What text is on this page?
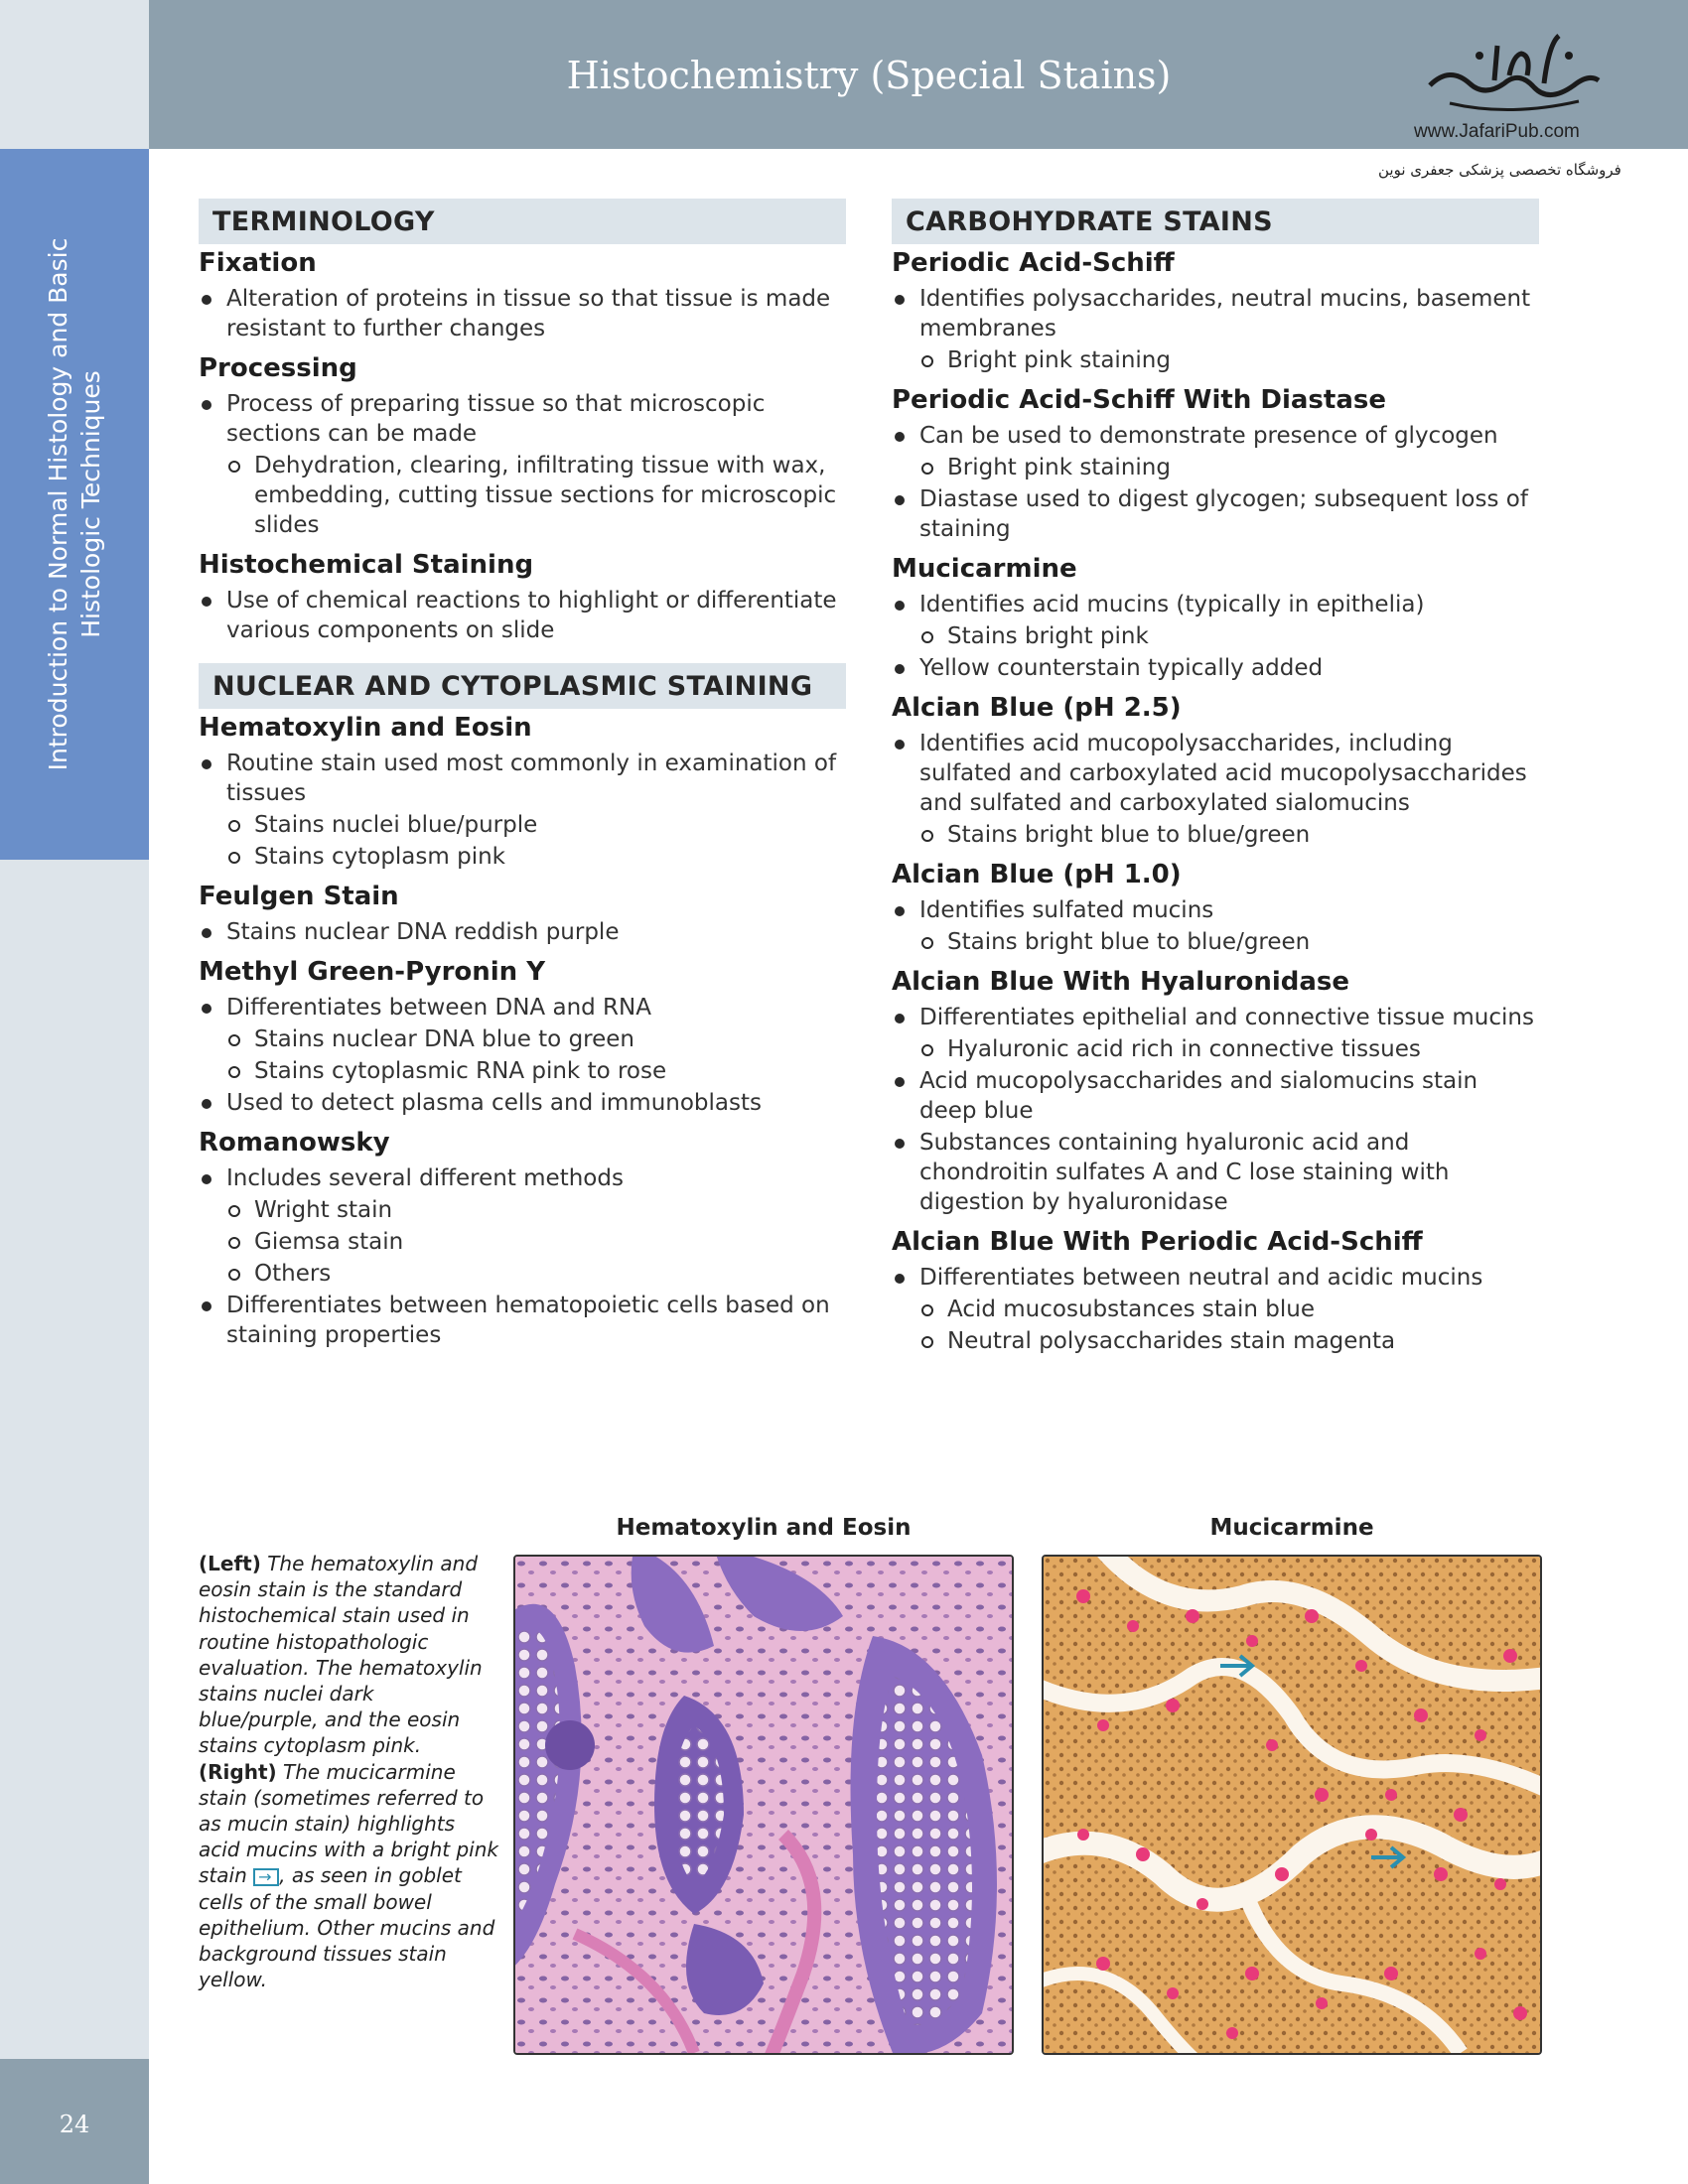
Histochemistry (Special Stains)
www.JafariPub.com
فروشگاه تخصصی پزشکی جعفری نوین
Introduction to Normal Histology and Basic Histologic Techniques
24
TERMINOLOGY
Fixation
Alteration of proteins in tissue so that tissue is made resistant to further changes
Processing
Process of preparing tissue so that microscopic sections can be made
Dehydration, clearing, infiltrating tissue with wax, embedding, cutting tissue sections for microscopic slides
Histochemical Staining
Use of chemical reactions to highlight or differentiate various components on slide
NUCLEAR AND CYTOPLASMIC STAINING
Hematoxylin and Eosin
Routine stain used most commonly in examination of tissues
Stains nuclei blue/purple
Stains cytoplasm pink
Feulgen Stain
Stains nuclear DNA reddish purple
Methyl Green-Pyronin Y
Differentiates between DNA and RNA
Stains nuclear DNA blue to green
Stains cytoplasmic RNA pink to rose
Used to detect plasma cells and immunoblasts
Romanowsky
Includes several different methods
Wright stain
Giemsa stain
Others
Differentiates between hematopoietic cells based on staining properties
CARBOHYDRATE STAINS
Periodic Acid-Schiff
Identifies polysaccharides, neutral mucins, basement membranes
Bright pink staining
Periodic Acid-Schiff With Diastase
Can be used to demonstrate presence of glycogen
Bright pink staining
Diastase used to digest glycogen; subsequent loss of staining
Mucicarmine
Identifies acid mucins (typically in epithelia)
Stains bright pink
Yellow counterstain typically added
Alcian Blue (pH 2.5)
Identifies acid mucopolysaccharides, including sulfated and carboxylated acid mucopolysaccharides and sulfated and carboxylated sialomucins
Stains bright blue to blue/green
Alcian Blue (pH 1.0)
Identifies sulfated mucins
Stains bright blue to blue/green
Alcian Blue With Hyaluronidase
Differentiates epithelial and connective tissue mucins
Hyaluronic acid rich in connective tissues
Acid mucopolysaccharides and sialomucins stain deep blue
Substances containing hyaluronic acid and chondroitin sulfates A and C lose staining with digestion by hyaluronidase
Alcian Blue With Periodic Acid-Schiff
Differentiates between neutral and acidic mucins
Acid mucosubstances stain blue
Neutral polysaccharides stain magenta
Hematoxylin and Eosin	Mucicarmine
(Left) The hematoxylin and eosin stain is the standard histochemical stain used in routine histopathologic evaluation. The hematoxylin stains nuclei dark blue/purple, and the eosin stains cytoplasm pink. (Right) The mucicarmine stain (sometimes referred to as mucin stain) highlights acid mucins with a bright pink stain →, as seen in goblet cells of the small bowel epithelium. Other mucins and background tissues stain yellow.
